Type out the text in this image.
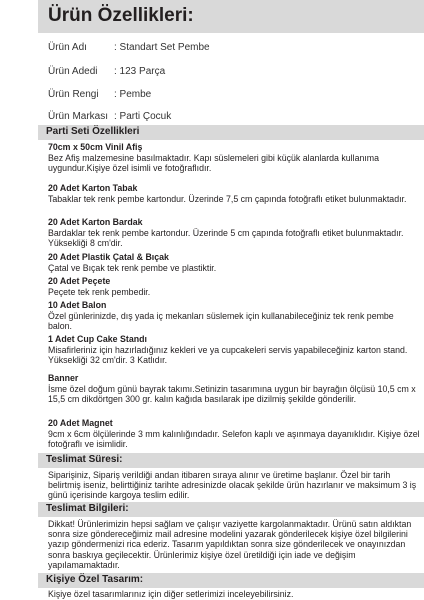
Ürün Özellikleri:
Ürün Adı	: Standart Set Pembe
Ürün Adedi : 123 Parça
Ürün Rengi : Pembe
Ürün Markası : Parti Çocuk
Parti Seti Özellikleri
70cm x 50cm Vinil Afiş
Bez Afiş malzemesine basılmaktadır. Kapı süslemeleri gibi küçük alanlarda kullanıma uygundur.Kişiye özel isimli ve fotoğraflıdır.
20 Adet Karton Tabak
Tabaklar tek renk pembe kartondur. Üzerinde 7,5 cm çapında fotoğraflı etiket bulunmaktadır.
20 Adet Karton Bardak
Bardaklar tek renk pembe kartondur. Üzerinde 5 cm çapında fotoğraflı etiket bulunmaktadır. Yüksekliği 8 cm'dir.
20 Adet Plastik Çatal & Bıçak
Çatal ve Bıçak tek renk pembe ve plastiktir.
20 Adet Peçete
Peçete tek renk pembedir.
10 Adet Balon
Özel günlerinizde, dış yada iç mekanları süslemek için kullanabileceğiniz tek renk pembe balon.
1 Adet Cup Cake Standı
Misafirleriniz için hazırladığınız kekleri ve ya cupcakeleri servis yapabileceğiniz karton stand. Yüksekliği 32 cm'dir. 3 Katlıdır.
Banner
İsme özel doğum günü bayrak takımı.Setinizin tasarımına uygun bir bayrağın ölçüsü 10,5 cm x 15,5 cm dikdörtgen 300 gr. kalın kağıda basılarak ipe dizilmiş şekilde gönderilir.
20 Adet Magnet
9cm x 6cm ölçülerinde 3 mm kalınlığındadır. Selefon kaplı ve aşınmaya dayanıklıdır. Kişiye özel fotoğraflı ve isimlidir.
Teslimat Süresi:
Siparişiniz, Sipariş verildiği andan itibaren sıraya alınır ve üretime başlanır. Özel bir tarih belirtmiş iseniz, belirttiğiniz tarihte adresinizde olacak şekilde ürün hazırlanır ve maksimum 3 iş günü içerisinde kargoya teslim edilir.
Teslimat Bilgileri:
Dikkat! Ürünlerimizin hepsi sağlam ve çalışır vaziyette kargolanmaktadır. Ürünü satın aldıktan sonra size göndereceğimiz mail adresine modelini yazarak gönderilecek kişiye özel bilgilerini yazıp göndermenizi rica ederiz. Tasarım yapıldıktan sonra size gönderilecek ve onayınızdan sonra baskıya geçilecektir. Ürünlerimiz kişiye özel üretildiği için iade ve değişim yapılamamaktadır.
Kişiye Özel Tasarım:
Kişiye özel tasarımlarınız için diğer setlerimizi inceleyebilirsiniz.
